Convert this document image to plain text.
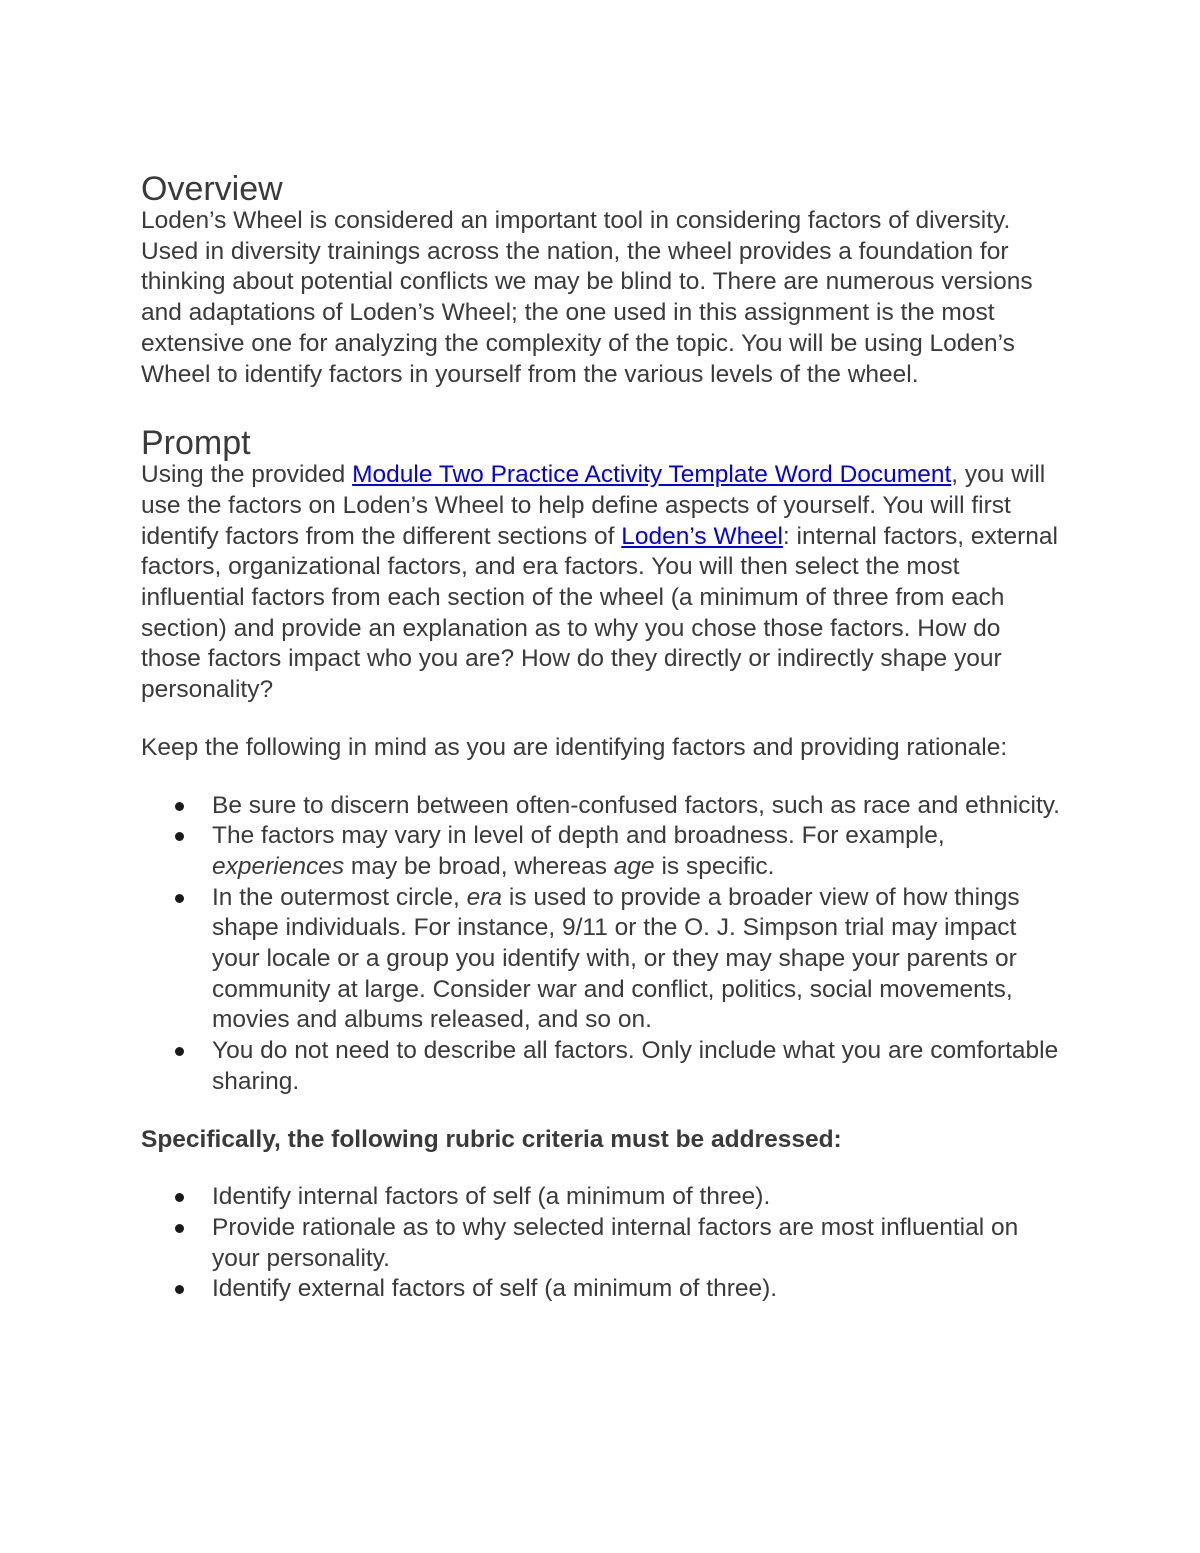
Overview

Loden’s Wheel is considered an important tool in considering factors of diversity. Used in diversity trainings across the nation, the wheel provides a foundation for thinking about potential conflicts we may be blind to. There are numerous versions and adaptations of Loden’s Wheel; the one used in this assignment is the most extensive one for analyzing the complexity of the topic. You will be using Loden’s Wheel to identify factors in yourself from the various levels of the wheel.

Prompt

Using the provided Module Two Practice Activity Template Word Document, you will use the factors on Loden’s Wheel to help define aspects of yourself. You will first identify factors from the different sections of Loden’s Wheel: internal factors, external factors, organizational factors, and era factors. You will then select the most influential factors from each section of the wheel (a minimum of three from each section) and provide an explanation as to why you chose those factors. How do those factors impact who you are? How do they directly or indirectly shape your personality?

Keep the following in mind as you are identifying factors and providing rationale:

Be sure to discern between often-confused factors, such as race and ethnicity.
The factors may vary in level of depth and broadness. For example, experiences may be broad, whereas age is specific.
In the outermost circle, era is used to provide a broader view of how things shape individuals. For instance, 9/11 or the O. J. Simpson trial may impact your locale or a group you identify with, or they may shape your parents or community at large. Consider war and conflict, politics, social movements, movies and albums released, and so on.
You do not need to describe all factors. Only include what you are comfortable sharing.
Specifically, the following rubric criteria must be addressed:
Identify internal factors of self (a minimum of three).
Provide rationale as to why selected internal factors are most influential on your personality.
Identify external factors of self (a minimum of three).
